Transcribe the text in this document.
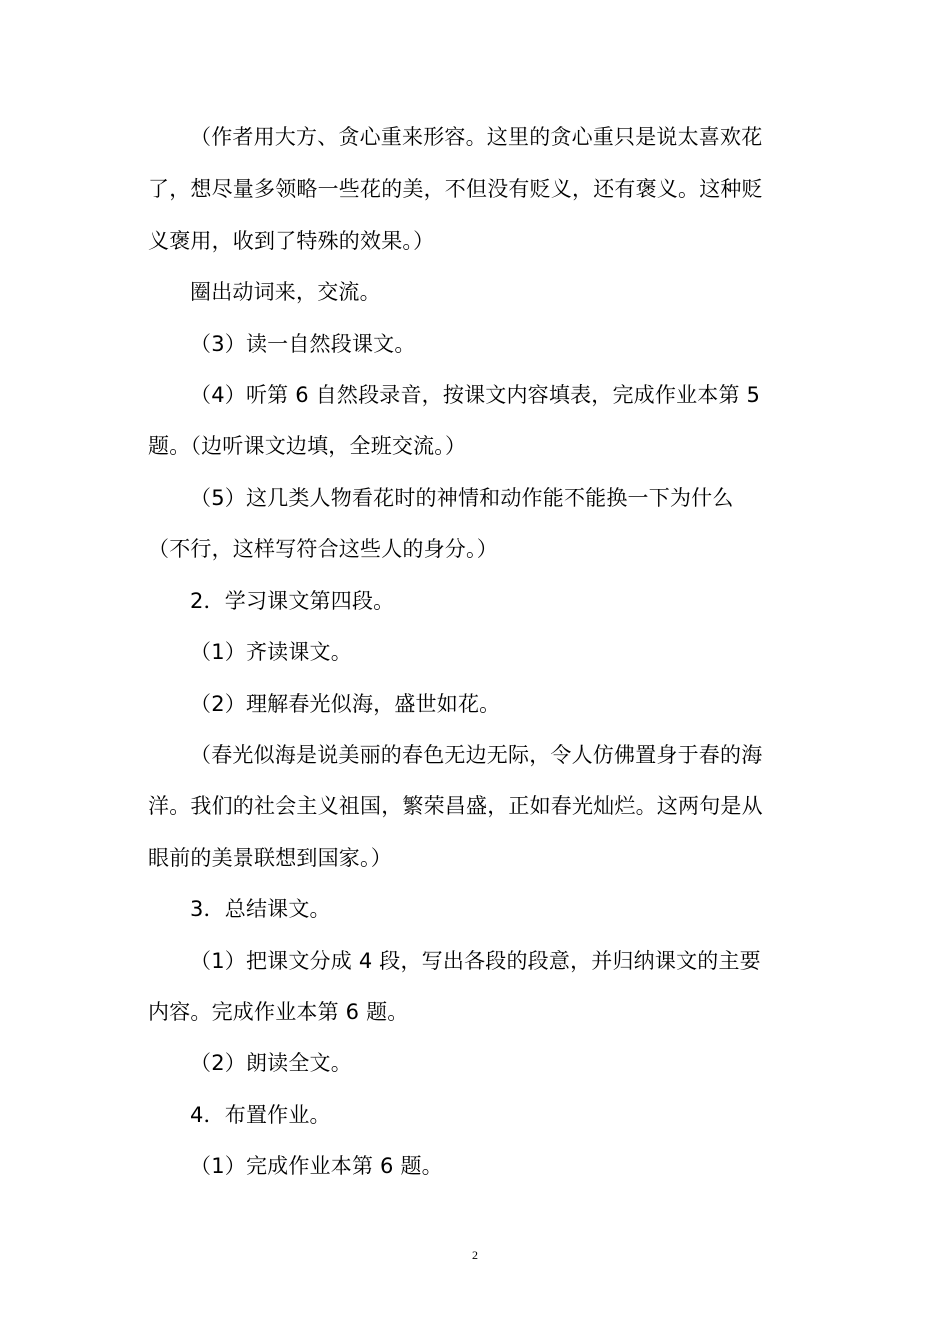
（作者用大方、贪心重来形容。这里的贪心重只是说太喜欢花
了，想尽量多领略一些花的美，不但没有贬义，还有褒义。这种贬
义褒用，收到了特殊的效果。）
圈出动词来，交流。
（3）读一自然段课文。
（4）听第 6 自然段录音，按课文内容填表，完成作业本第 5
题。（边听课文边填，全班交流。）
（5）这几类人物看花时的神情和动作能不能换一下为什么
（不行，这样写符合这些人的身分。）
2．学习课文第四段。
（1）齐读课文。
（2）理解春光似海，盛世如花。
（春光似海是说美丽的春色无边无际，令人仿佛置身于春的海
洋。我们的社会主义祖国，繁荣昌盛，正如春光灿烂。这两句是从
眼前的美景联想到国家。）
3．总结课文。
（1）把课文分成 4 段，写出各段的段意，并归纳课文的主要
内容。完成作业本第 6 题。
（2）朗读全文。
4．布置作业。
（1）完成作业本第 6 题。
2
